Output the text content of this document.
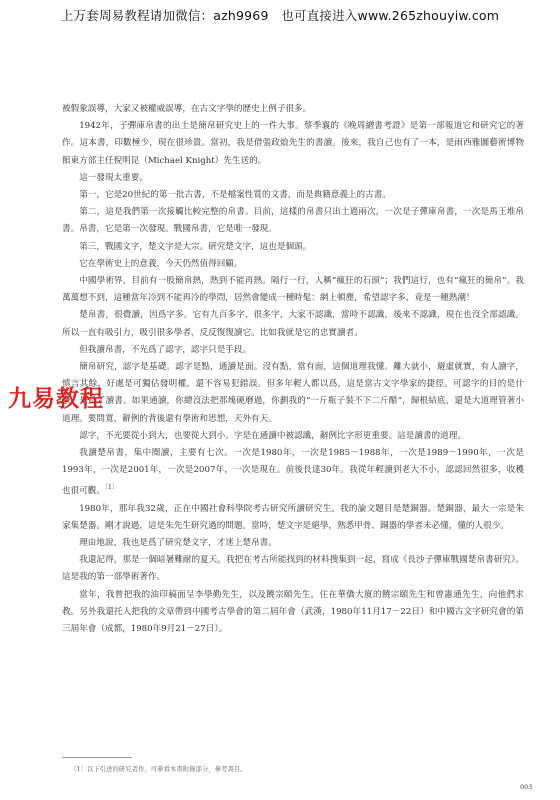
上万套周易教程请加微信：azh9969　也可直接进入www.265zhouyiw.com

被假象誤導，大家又被權威誤導，在古文字學的歷史上例子很多。

1942年，子彈庫帛書的出土是簡帛研究史上的一件大事。蔡季襄的《晚周繒書考證》是第一部報道它和研究它的著作。這本書，印數極少，現在很珍貴。當初，我是借張政烺先生的書讀。後來，我自己也有了一本，是雨西雅圖藝術博物館東方部主任倪明昆（Michael Knight）先生送的。

這一發現太重要。

第一，它是20世紀的第一批古書，不是檔案性質的文書，而是典籍意義上的古書。

第二，這是我們第一次接觸比較完整的帛書。目前，這樣的帛書只出土過兩次，一次是子彈庫帛書，一次是馬王堆帛書。帛書，它是第一次發現。戰國帛書，它是唯一發現。

第三，戰國文字，楚文字是大宗。研究楚文字，這也是個頭。

它在學術史上的意義，今天仍然值得回顧。

中國學術界，目前有一股簡帛熱，熱到不能再熱。隔行一行，人稱“瘋狂的石頭”；我們這行，也有“瘋狂的簡帛”。我萬萬想不到，這種當年冷到不能再冷的學問，居然會變成一種時髦：網上頓塵，希望認字多，竟是一種熱潮！

楚帛書，很費讀，因爲字多。它有九百多字，很多字，大家不認識，當時不認識，後來不認識，現在也沒全部認識。所以一直有吸引力，吸引很多學者，反反復復讀它。比如我就是它的忠實讀者。

但我讀帛書，不光爲了認字，認字只是手段。

簡帛研究，認字是基礎。認字是點，通讀是面。沒有點，當有面，這個道理我懂。離大就小，避虛就實，有人讀字，慎言其餘，好處是可獨佔發明權，還不容易犯錯誤。但多年輕人都以爲，這是當古文字學家的捷徑。可認字的目的是什麼？是爲了讀書。如果通讀，你總沒法把那塊硬磨過，你劃我的“一斤瓶子裝不下二斤醋”，歸根結底，還是大道理管著小道理。要問寬，辭例的背後還有學術和思想，天外有天。

認字，不光要從小到大，也要從大到小。字是在通讀中被認識，辭例比字形更重要。這是讀書的道理。

我讀楚帛書，集中閱讀，主要有七次。一次是1980年，一次是1985－1988年，一次是1989－1990年，一次是1993年，一次是2001年，一次是2007年，一次是現在。前後長達30年。我從年輕讀到老大不小，認認回然很多，收穫也很可觀。$^{〔1〕}$

1980年，那年我32歲，正在中國社會科學院考古研究所讀研究生。我的論文題目是楚銅器。楚銅器，最大一宗是朱家集楚器。剛才說過，這是朱先生研究過的問題。當時，楚文字是絕學，熟悉甲骨、銅器的學者未必懂，懂的人很少。

理由地說，我也是爲了研究楚文字，才迷上楚帛書。

我還記得，那是一個暗暑難耐的夏天，我把在考古所能找到的材料搜集到一起，寫成《長沙子彈庫戰國楚帛書研究》。這是我的第一部學術著作。

當年，我曾把我的油印稿面呈李學勤先生，以及饒宗頤先生，住在華僑大廈的饒宗頤先生和曾憲通先生，向他們求教。另外我還托人把我的文章帶到中國考古學會的第二屆年會（武漢，1980年11月17－22日）和中國古文字研究會的第三屆年會（成都，1980年9月21－27日）。

九易教程
〔1〕以下引述的研究者作，可參看本書附錄部分，參考書目。
003
